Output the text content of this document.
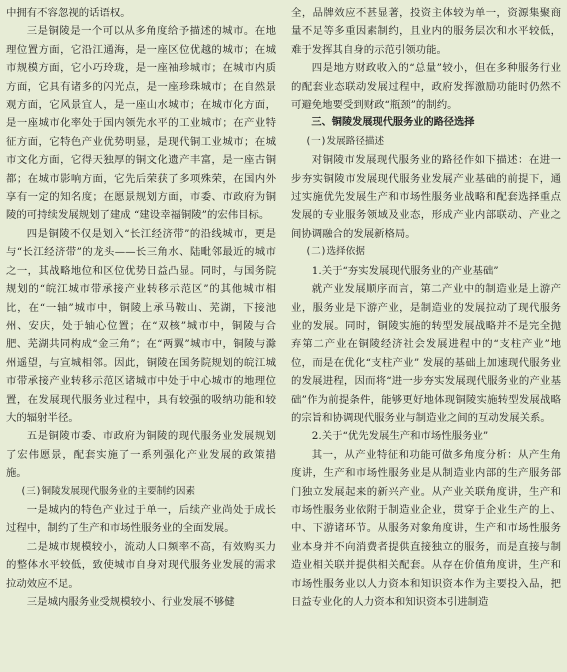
中拥有不容忽视的话语权。

三是铜陵是一个可以从多角度给予描述的城市。在地理位置方面，它沿江通海，是一座区位优越的城市；在城市规模方面，它小巧玲珑，是一座袖珍城市；在城市内质方面，它具有诸多的闪光点，是一座珍珠城市；在自然景观方面，它风景宜人，是一座山水城市；在城市化方面，是一座城市化率处于国内领先水平的工业城市；在产业特征方面，它特色产业优势明显，是现代铜工业城市；在城市文化方面，它得天独厚的铜文化遗产丰富，是一座古铜都；在城市影响方面，它先后荣获了多项殊荣，在国内外享有一定的知名度；在愿景规划方面，市委、市政府为铜陵的可持续发展规划了建成 “建设幸福铜陵”的宏伟目标。

四是铜陵不仅是划入“长江经济带”的沿线城市，更是与“长江经济带”的龙头——长三角水、陆毗邻最近的城市之一，其战略地位和区位优势日益凸显。同时，与国务院规划的“皖江城市带承接产业转移示范区”的其他城市相比，在“一轴”城市中，铜陵上承马鞍山、芜湖，下接池州、安庆，处于轴心位置；在“双核”城市中，铜陵与合肥、芜湖共同构成“金三角”；在“两翼”城市中，铜陵与滁州遥望，与宣城相邻。因此，铜陵在国务院规划的皖江城市带承接产业转移示范区诸城市中处于中心城市的地理位置，在发展现代服务业过程中，具有较强的吸纳功能和较大的辐射半径。

五是铜陵市委、市政府为铜陵的现代服务业发展规划了宏伟愿景，配套实施了一系列强化产业发展的政策措施。

(三)铜陵发展现代服务业的主要制约因素

一是城内的特色产业过于单一，后续产业尚处于成长过程中，制约了生产和市场性服务业的全面发展。

二是城市规模较小，流动人口频率不高，有效购买力的整体水平较低，致使城市自身对现代服务业发展的需求拉动效应不足。

三是城内服务业受规模较小、行业发展不够健

全，品牌效应不甚显著，投资主体较为单一，资源集聚商量不足等多重因素制约，且业内的服务层次和水平较低，难于发挥其自身的示范引领功能。

四是地方财政收入的“总量”较小，但在多种服务行业的配套业态联动发展过程中，政府发挥激励功能时仍然不可避免地要受到财政“瓶颈”的制约。

三、铜陵发展现代服务业的路径选择

(一)发展路径描述

对铜陵市发展现代服务业的路径作如下描述：在进一步夯实铜陵市发展现代服务业发展产业基础的前提下，通过实施优先发展生产和市场性服务业战略和配套选择重点发展的专业服务领域及业态，形成产业内部联动、产业之间协调融合的发展新格局。

(二)选择依据

1.关于“夯实发展现代服务业的产业基础”

就产业发展顺序而言，第二产业中的制造业是上游产业，服务业是下游产业，是制造业的发展拉动了现代服务业的发展。同时，铜陵实施的转型发展战略并不是完全抛弃第二产业在铜陵经济社会发展进程中的“支柱产业”地位，而是在优化“支柱产业” 发展的基础上加速现代服务业的发展进程，因而将“进一步夯实发展现代服务业的产业基础”作为前提条件，能够更好地体现铜陵实施转型发展战略的宗旨和协调现代服务业与制造业之间的互动发展关系。

2.关于“优先发展生产和市场性服务业”

其一，从产业特征和功能可做多角度分析：从产生角度讲，生产和市场性服务业是从制造业内部的生产服务部门独立发展起来的新兴产业。从产业关联角度讲，生产和市场性服务业依附于制造业企业，贯穿于企业生产的上、中、下游诸环节。从服务对象角度讲，生产和市场性服务业本身并不向消费者提供直接独立的服务，而是直接与制造业相关联并提供相关配套。从存在价值角度讲，生产和市场性服务业以人力资本和知识资本作为主要投入品，把日益专业化的人力资本和知识资本引进制造
